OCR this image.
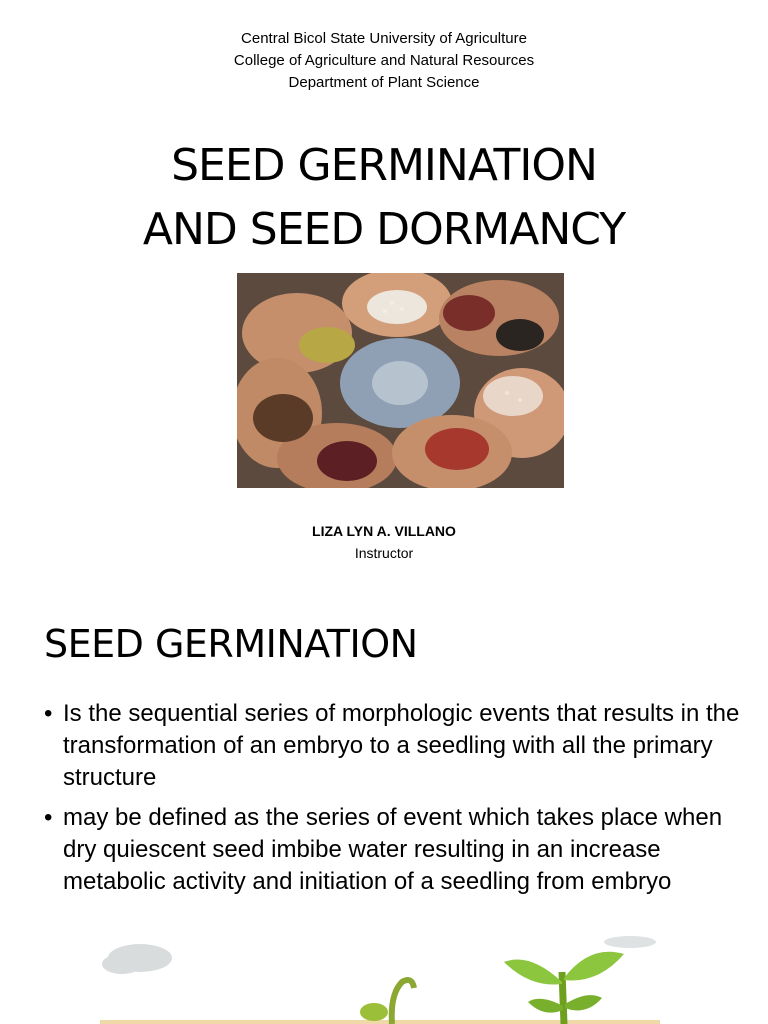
Central Bicol State University of Agriculture
College of Agriculture and Natural Resources
Department of Plant Science
SEED GERMINATION
AND SEED DORMANCY
LIZA LYN A. VILLANO
Instructor
SEED GERMINATION
• Is the sequential series of morphologic events that results in the transformation of an embryo to a seedling with all the primary structure
• may be defined as the series of event which takes place when dry quiescent seed imbibe water resulting in an increase metabolic activity and initiation of a seedling from embryo
